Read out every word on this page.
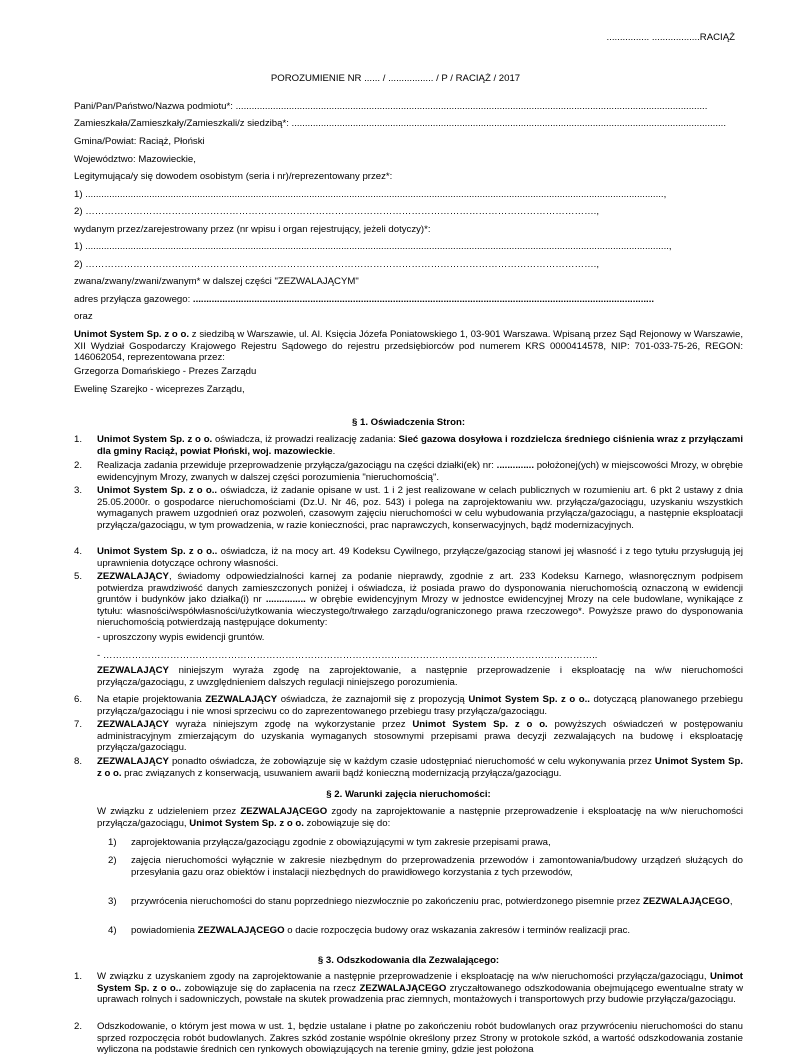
................ ..................RACIĄŻ
POROZUMIENIE NR ...... / ................. / P / RACIĄŻ / 2017
Pani/Pan/Państwo/Nazwa podmiotu*: .................................................................................................................................................................................
Zamieszkała/Zamieszkały/Zamieszkali/z siedzibą*: ...................................................................................................................................................................
Gmina/Powiat: Raciąż, Płoński
Województwo: Mazowieckie,
Legitymująca/y się dowodem osobistym (seria i nr)/reprezentowany przez*:
1) .........................................................................................................................................................................................................................,
2) …………………………………………………………………………………………………………………………………………….,
wydanym przez/zarejestrowany przez (nr wpisu i organ rejestrujący, jeżeli dotyczy)*:
1) ...........................................................................................................................................................................................................................,
2) …………………………………………………………………………………………………………………………………………….,
zwana/zwany/zwani/zwanym* w dalszej części "ZEZWALAJĄCYM"
adres przyłącza gazowego: .............................................................................................................................................................................
oraz
Unimot System Sp. z o o. z siedzibą w Warszawie, ul. Al. Księcia Józefa Poniatowskiego 1, 03-901 Warszawa. Wpisaną przez Sąd Rejonowy w Warszawie, XII Wydział Gospodarczy Krajowego Rejestru Sądowego do rejestru przedsiębiorców pod numerem KRS 0000414578, NIP: 701-033-75-26, REGON: 146062054, reprezentowana przez:
Grzegorza Domańskiego - Prezes Zarządu
Ewelinę Szarejko - wiceprezes Zarządu,
§ 1. Oświadczenia Stron:
1.	Unimot System Sp. z o o. oświadcza, iż prowadzi realizację zadania: Sieć gazowa dosyłowa i rozdzielcza średniego ciśnienia wraz z przyłączami dla gminy Raciąż, powiat Płoński, woj. mazowieckie.
2.	Realizacja zadania przewiduje przeprowadzenie przyłącza/gazociągu na części działki(ek) nr: .............. położonej(ych) w miejscowości Mrozy, w obrębie ewidencyjnym Mrozy, zwanych w dalszej części porozumienia "nieruchomością".
3.	Unimot System Sp. z o o.. oświadcza, iż zadanie opisane w ust. 1 i 2 jest realizowane w celach publicznych w rozumieniu art. 6 pkt 2 ustawy z dnia 25.05.2000r. o gospodarce nieruchomościami (Dz.U. Nr 46, poz. 543) i polega na zaprojektowaniu ww. przyłącza/gazociągu, uzyskaniu wszystkich wymaganych prawem uzgodnień oraz pozwoleń, czasowym zajęciu nieruchomości w celu wybudowania przyłącza/gazociągu, a następnie eksploatacji przyłącza/gazociągu, w tym prowadzenia, w razie konieczności, prac naprawczych, konserwacyjnych, bądź modernizacyjnych.
4.	Unimot System Sp. z o o.. oświadcza, iż na mocy art. 49 Kodeksu Cywilnego, przyłącze/gazociąg stanowi jej własność i z tego tytułu przysługują jej uprawnienia dotyczące ochrony własności.
5.	ZEZWALAJĄCY, świadomy odpowiedzialności karnej za podanie nieprawdy, zgodnie z art. 233 Kodeksu Karnego, własnoręcznym podpisem potwierdza prawdziwość danych zamieszczonych poniżej i oświadcza, iż posiada prawo do dysponowania nieruchomością oznaczoną w ewidencji gruntów i budynków jako działka(i) nr ............... w obrębie ewidencyjnym Mrozy w jednostce ewidencyjnej Mrozy na cele budowlane, wynikające z tytułu: własności/współwłasności/użytkowania wieczystego/trwałego zarządu/ograniczonego prawa rzeczowego*. Powyższe prawo do dysponowania nieruchomością potwierdzają następujące dokumenty:
- uproszczony wypis ewidencji gruntów.
- ………………………………………………………………………………………………………………………………………..
ZEZWALAJĄCY niniejszym wyraża zgodę na zaprojektowanie, a następnie przeprowadzenie i eksploatację na w/w nieruchomości przyłącza/gazociągu, z uwzględnieniem dalszych regulacji niniejszego porozumienia.
6.	Na etapie projektowania ZEZWALAJĄCY oświadcza, że zaznajomił się z propozycją Unimot System Sp. z o o.. dotyczącą planowanego przebiegu przyłącza/gazociągu i nie wnosi sprzeciwu co do zaprezentowanego przebiegu trasy przyłącza/gazociągu.
7.	ZEZWALAJĄCY wyraża niniejszym zgodę na wykorzystanie przez Unimot System Sp. z o o. powyższych oświadczeń w postępowaniu administracyjnym zmierzającym do uzyskania wymaganych stosownymi przepisami prawa decyzji zezwalających na budowę i eksploatację przyłącza/gazociągu.
8.	ZEZWALAJĄCY ponadto oświadcza, że zobowiązuje się w każdym czasie udostępniać nieruchomość w celu wykonywania przez Unimot System Sp. z o o. prac związanych z konserwacją, usuwaniem awarii bądź konieczną modernizacją przyłącza/gazociągu.
§ 2. Warunki zajęcia nieruchomości:
W związku z udzieleniem przez ZEZWALAJĄCEGO zgody na zaprojektowanie a następnie przeprowadzenie i eksploatację na w/w nieruchomości przyłącza/gazociągu, Unimot System Sp. z o o. zobowiązuje się do:
1)	zaprojektowania przyłącza/gazociągu zgodnie z obowiązującymi w tym zakresie przepisami prawa,
2)	zajęcia nieruchomości wyłącznie w zakresie niezbędnym do przeprowadzenia przewodów i zamontowania/budowy urządzeń służących do przesyłania gazu oraz obiektów i instalacji niezbędnych do prawidłowego korzystania z tych przewodów,
3)	przywrócenia nieruchomości do stanu poprzedniego niezwłocznie po zakończeniu prac, potwierdzonego pisemnie przez ZEZWALAJĄCEGO,
4)	powiadomienia ZEZWALAJĄCEGO o dacie rozpoczęcia budowy oraz wskazania zakresów i terminów realizacji prac.
§ 3. Odszkodowania dla Zezwalającego:
1.	W związku z uzyskaniem zgody na zaprojektowanie a następnie przeprowadzenie i eksploatację na w/w nieruchomości przyłącza/gazociągu, Unimot System Sp. z o o.. zobowiązuje się do zapłacenia na rzecz ZEZWALAJĄCEGO zryczałtowanego odszkodowania obejmującego ewentualne straty w uprawach rolnych i sadowniczych, powstałe na skutek prowadzenia prac ziemnych, montażowych i transportowych przy budowie przyłącza/gazociągu.
2.	Odszkodowanie, o którym jest mowa w ust. 1, będzie ustalane i płatne po zakończeniu robót budowlanych oraz przywróceniu nieruchomości do stanu sprzed rozpoczęcia robót budowlanych. Zakres szkód zostanie wspólnie określony przez Strony w protokole szkód, a wartość odszkodowania zostanie wyliczona na podstawie średnich cen rynkowych obowiązujących na terenie gminy, gdzie jest położona
